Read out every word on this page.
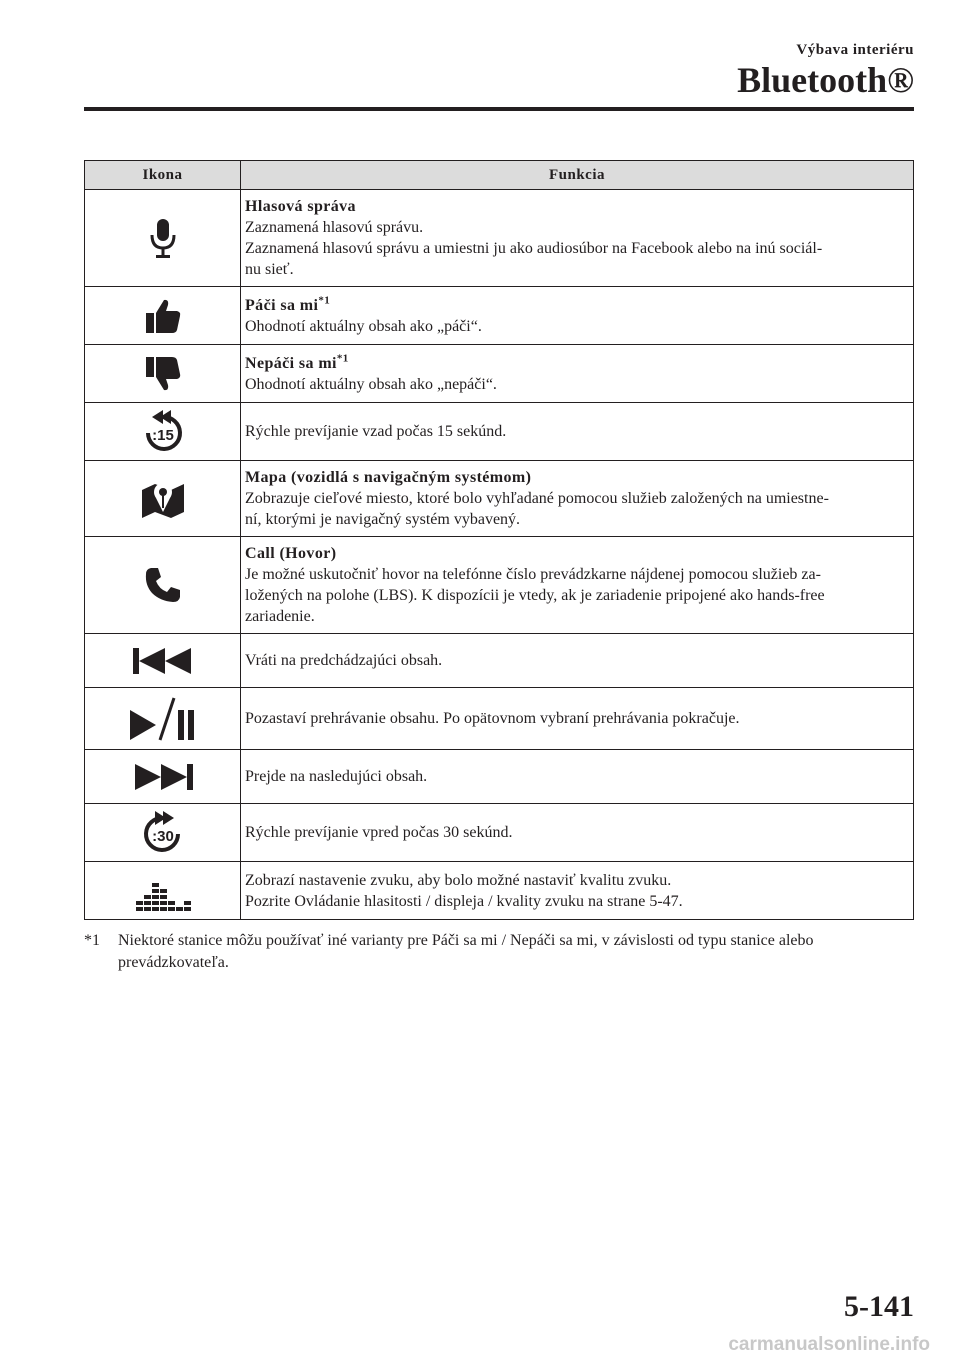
Výbava interiéru
Bluetooth®
Ikona	Funkcia

Hlasová správa
Zaznamená hlasovú správu.
Zaznamená hlasovú správu a umiestni ju ako audiosúbor na Facebook alebo na inú sociál-
nu sieť.

Páči sa $mi^{*1}$
Ohodnotí aktuálny obsah ako „páči“.

Nepáči sa $mi^{*1}$
Ohodnotí aktuálny obsah ako „nepáči“.

:15	Rýchle prevíjanie vzad počas 15 sekúnd.

Mapa (vozidlá s navigačným systémom)
Zobrazuje cieľové miesto, ktoré bolo vyhľadané pomocou služieb založených na umiestne-
ní, ktorými je navigačný systém vybavený.

Call (Hovor)
Je možné uskutočniť hovor na telefónne číslo prevádzkarne nájdenej pomocou služieb za-
ložených na polohe (LBS). K dispozícii je vtedy, ak je zariadenie pripojené ako hands-free
zariadenie.

Vráti na predchádzajúci obsah.

Pozastaví prehrávanie obsahu. Po opätovnom vybraní prehrávania pokračuje.

Prejde na nasledujúci obsah.

:30	Rýchle prevíjanie vpred počas 30 sekúnd.

Zobrazí nastavenie zvuku, aby bolo možné nastaviť kvalitu zvuku.
Pozrite Ovládanie hlasitosti / displeja / kvality zvuku na strane 5-47.
*1	Niektoré stanice môžu používať iné varianty pre Páči sa mi / Nepáči sa mi, v závislosti od typu stanice alebo prevádzkovateľa.
5-141
carmanualsonline.info
